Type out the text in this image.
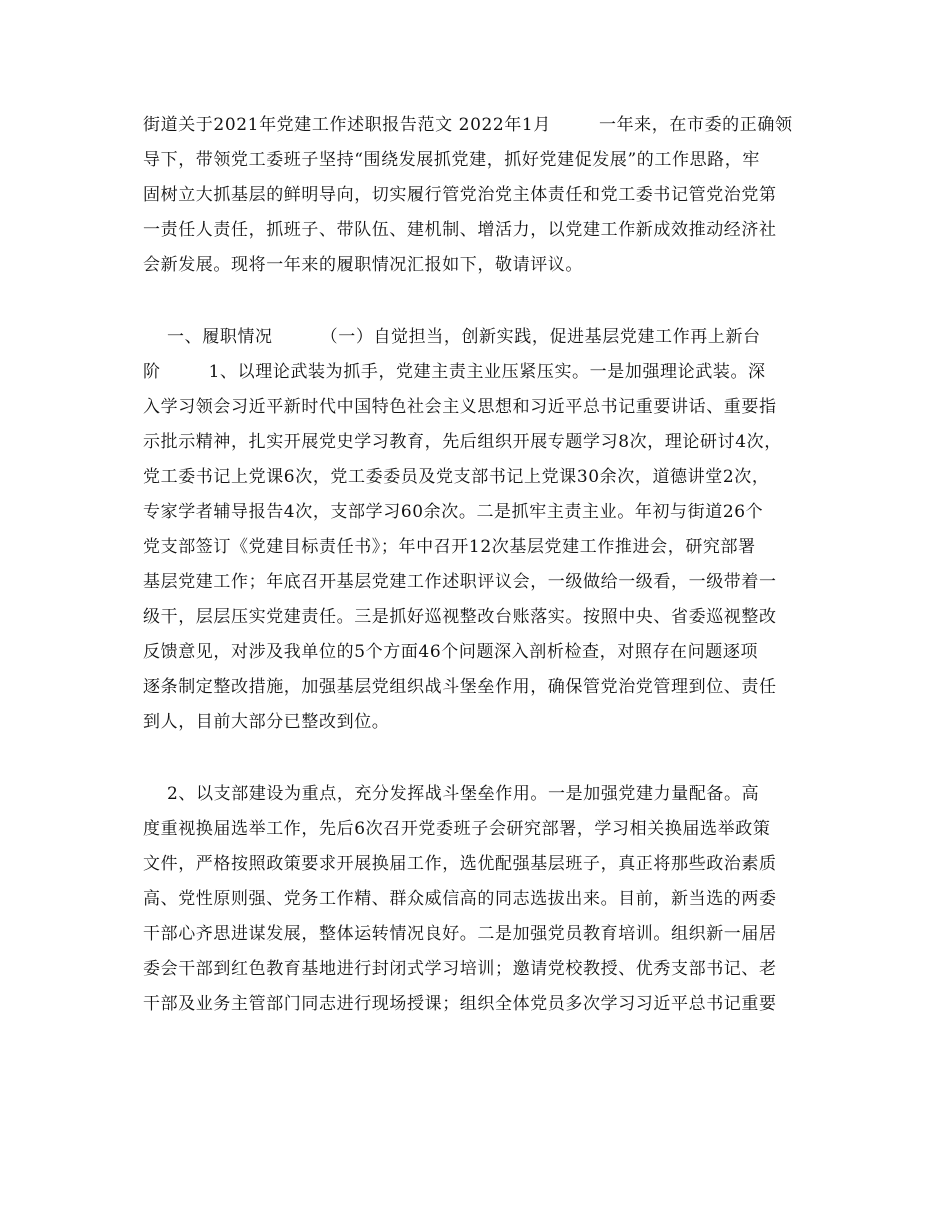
街道关于2021年党建工作述职报告范文 2022年1月        一年来，在市委的正确领
导下，带领党工委班子坚持“围绕发展抓党建，抓好党建促发展”的工作思路，牢
固树立大抓基层的鲜明导向，切实履行管党治党主体责任和党工委书记管党治党第
一责任人责任，抓班子、带队伍、建机制、增活力，以党建工作新成效推动经济社
会新发展。现将一年来的履职情况汇报如下，敬请评议。
一、履职情况        （一）自觉担当，创新实践，促进基层党建工作再上新台
阶        1、以理论武装为抓手，党建主责主业压紧压实。一是加强理论武装。深
入学习领会习近平新时代中国特色社会主义思想和习近平总书记重要讲话、重要指
示批示精神，扎实开展党史学习教育，先后组织开展专题学习8次，理论研讨4次，
党工委书记上党课6次，党工委委员及党支部书记上党课30余次，道德讲堂2次，
专家学者辅导报告4次，支部学习60余次。二是抓牢主责主业。年初与街道26个
党支部签订《党建目标责任书》；年中召开12次基层党建工作推进会，研究部署
基层党建工作；年底召开基层党建工作述职评议会，一级做给一级看，一级带着一
级干，层层压实党建责任。三是抓好巡视整改台账落实。按照中央、省委巡视整改
反馈意见，对涉及我单位的5个方面46个问题深入剖析检查，对照存在问题逐项
逐条制定整改措施，加强基层党组织战斗堡垒作用，确保管党治党管理到位、责任
到人，目前大部分已整改到位。
2、以支部建设为重点，充分发挥战斗堡垒作用。一是加强党建力量配备。高
度重视换届选举工作，先后6次召开党委班子会研究部署，学习相关换届选举政策
文件，严格按照政策要求开展换届工作，选优配强基层班子，真正将那些政治素质
高、党性原则强、党务工作精、群众威信高的同志选拔出来。目前，新当选的两委
干部心齐思进谋发展，整体运转情况良好。二是加强党员教育培训。组织新一届居
委会干部到红色教育基地进行封闭式学习培训；邀请党校教授、优秀支部书记、老
干部及业务主管部门同志进行现场授课；组织全体党员多次学习习近平总书记重要
